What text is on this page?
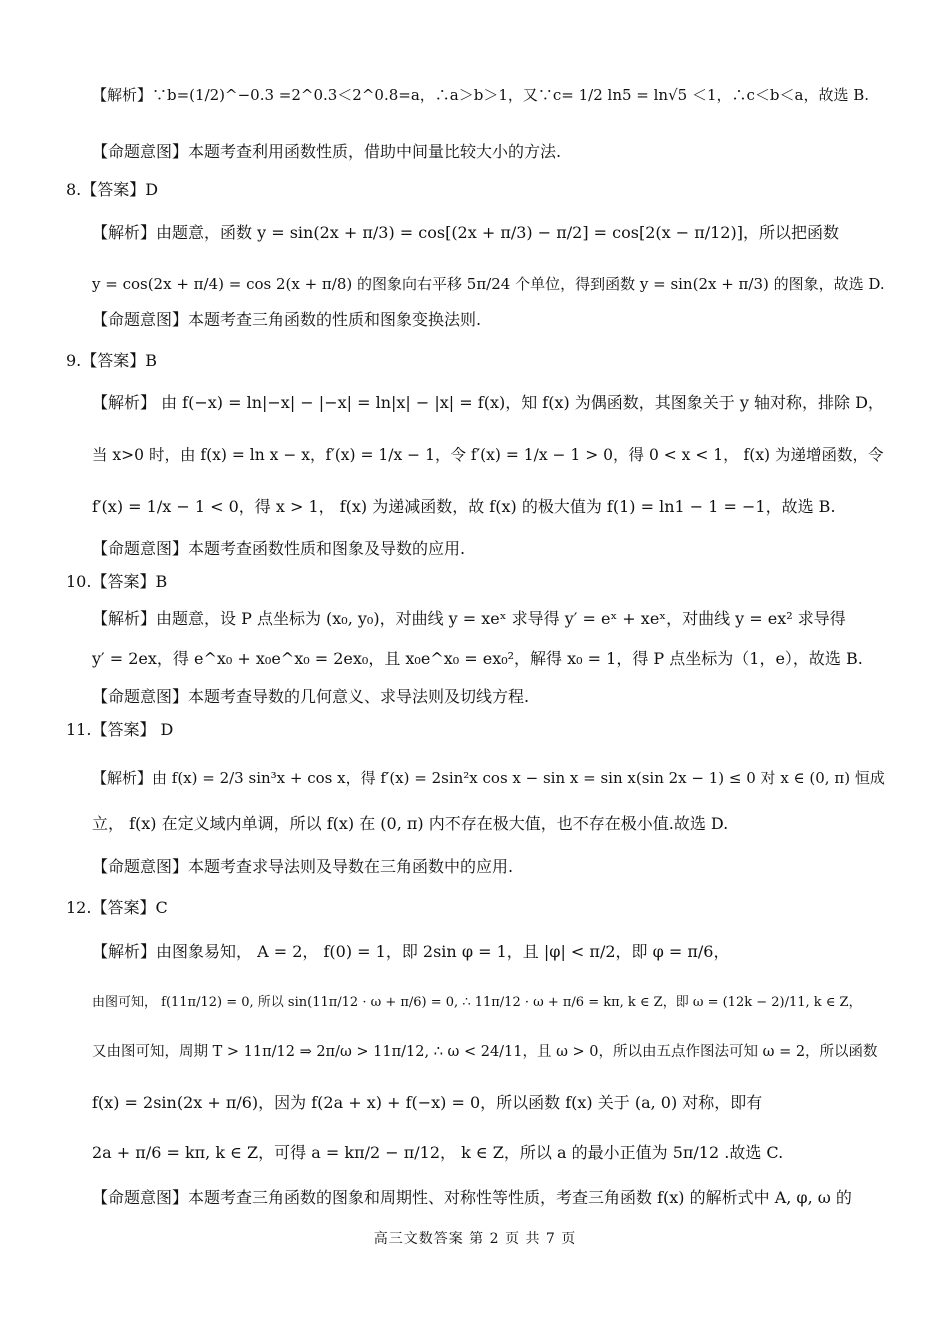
【解析】∵b=(1/2)^−0.3 =2^0.3＜2^0.8=a，∴a＞b＞1，又∵c= 1/2 ln5 = ln√5 ＜1，∴c＜b＜a，故选 B.
【命题意图】本题考查利用函数性质，借助中间量比较大小的方法.
8.【答案】D
【解析】由题意，函数 y = sin(2x + π/3) = cos[(2x + π/3) − π/2] = cos[2(x − π/12)]，所以把函数
y = cos(2x + π/4) = cos 2(x + π/8) 的图象向右平移 5π/24 个单位，得到函数 y = sin(2x + π/3) 的图象，故选 D.
【命题意图】本题考查三角函数的性质和图象变换法则.
9.【答案】B
【解析】 由 f(−x) = ln|−x| − |−x| = ln|x| − |x| = f(x)，知 f(x) 为偶函数，其图象关于 y 轴对称，排除 D，
当 x>0 时，由 f(x) = ln x − x，f′(x) = 1/x − 1，令 f′(x) = 1/x − 1 > 0，得 0 < x < 1， f(x) 为递增函数，令
f′(x) = 1/x − 1 < 0，得 x > 1， f(x) 为递减函数，故 f(x) 的极大值为 f(1) = ln1 − 1 = −1，故选 B.
【命题意图】本题考查函数性质和图象及导数的应用.
10.【答案】B
【解析】由题意，设 P 点坐标为 (x₀, y₀)，对曲线 y = xeˣ 求导得 y′ = eˣ + xeˣ，对曲线 y = ex² 求导得
y′ = 2ex，得 e^x₀ + x₀e^x₀ = 2ex₀，且 x₀e^x₀ = ex₀²，解得 x₀ = 1，得 P 点坐标为（1，e），故选 B.
【命题意图】本题考查导数的几何意义、求导法则及切线方程.
11.【答案】 D
【解析】由 f(x) = 2/3 sin³x + cos x，得 f′(x) = 2sin²x cos x − sin x = sin x(sin 2x − 1) ≤ 0 对 x ∈ (0, π) 恒成
立， f(x) 在定义域内单调，所以 f(x) 在 (0, π) 内不存在极大值，也不存在极小值.故选 D.
【命题意图】本题考查求导法则及导数在三角函数中的应用.
12.【答案】C
【解析】由图象易知， A = 2， f(0) = 1，即 2sin φ = 1，且 |φ| < π/2，即 φ = π/6，
由图可知， f(11π/12) = 0, 所以 sin(11π/12 · ω + π/6) = 0, ∴ 11π/12 · ω + π/6 = kπ, k ∈ Z，即 ω = (12k − 2)/11, k ∈ Z，
又由图可知，周期 T > 11π/12 ⇒ 2π/ω > 11π/12, ∴ ω < 24/11，且 ω > 0，所以由五点作图法可知 ω = 2，所以函数
f(x) = 2sin(2x + π/6)，因为 f(2a + x) + f(−x) = 0，所以函数 f(x) 关于 (a, 0) 对称，即有
2a + π/6 = kπ, k ∈ Z，可得 a = kπ/2 − π/12， k ∈ Z，所以 a 的最小正值为 5π/12 .故选 C.
【命题意图】本题考查三角函数的图象和周期性、对称性等性质，考查三角函数 f(x) 的解析式中 A, φ, ω 的
高三文数答案 第 2 页 共 7 页
